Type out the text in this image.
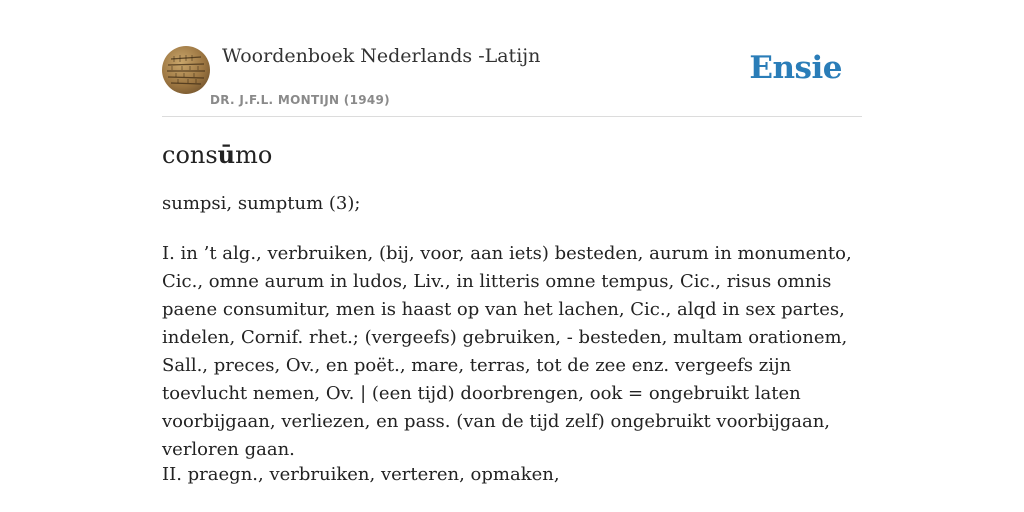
Woordenboek Nederlands -Latijn
DR. J.F.L. MONTIJN (1949)
Ensie
consūmo
sumpsi, sumptum (3);
I. in ’t alg., verbruiken, (bij, voor, aan iets) besteden, aurum in monumento, Cic., omne aurum in ludos, Liv., in litteris omne tempus, Cic., risus omnis paene consumitur, men is haast op van het lachen, Cic., alqd in sex partes, indelen, Cornif. rhet.; (vergeefs) gebruiken, - besteden, multam orationem, Sall., preces, Ov., en poët., mare, terras, tot de zee enz. vergeefs zijn toevlucht nemen, Ov. | (een tijd) doorbrengen, ook = ongebruikt laten voorbijgaan, verliezen, en pass. (van de tijd zelf) ongebruikt voorbijgaan, verloren gaan.
II. praegn., verbruiken, verteren, opmaken,
